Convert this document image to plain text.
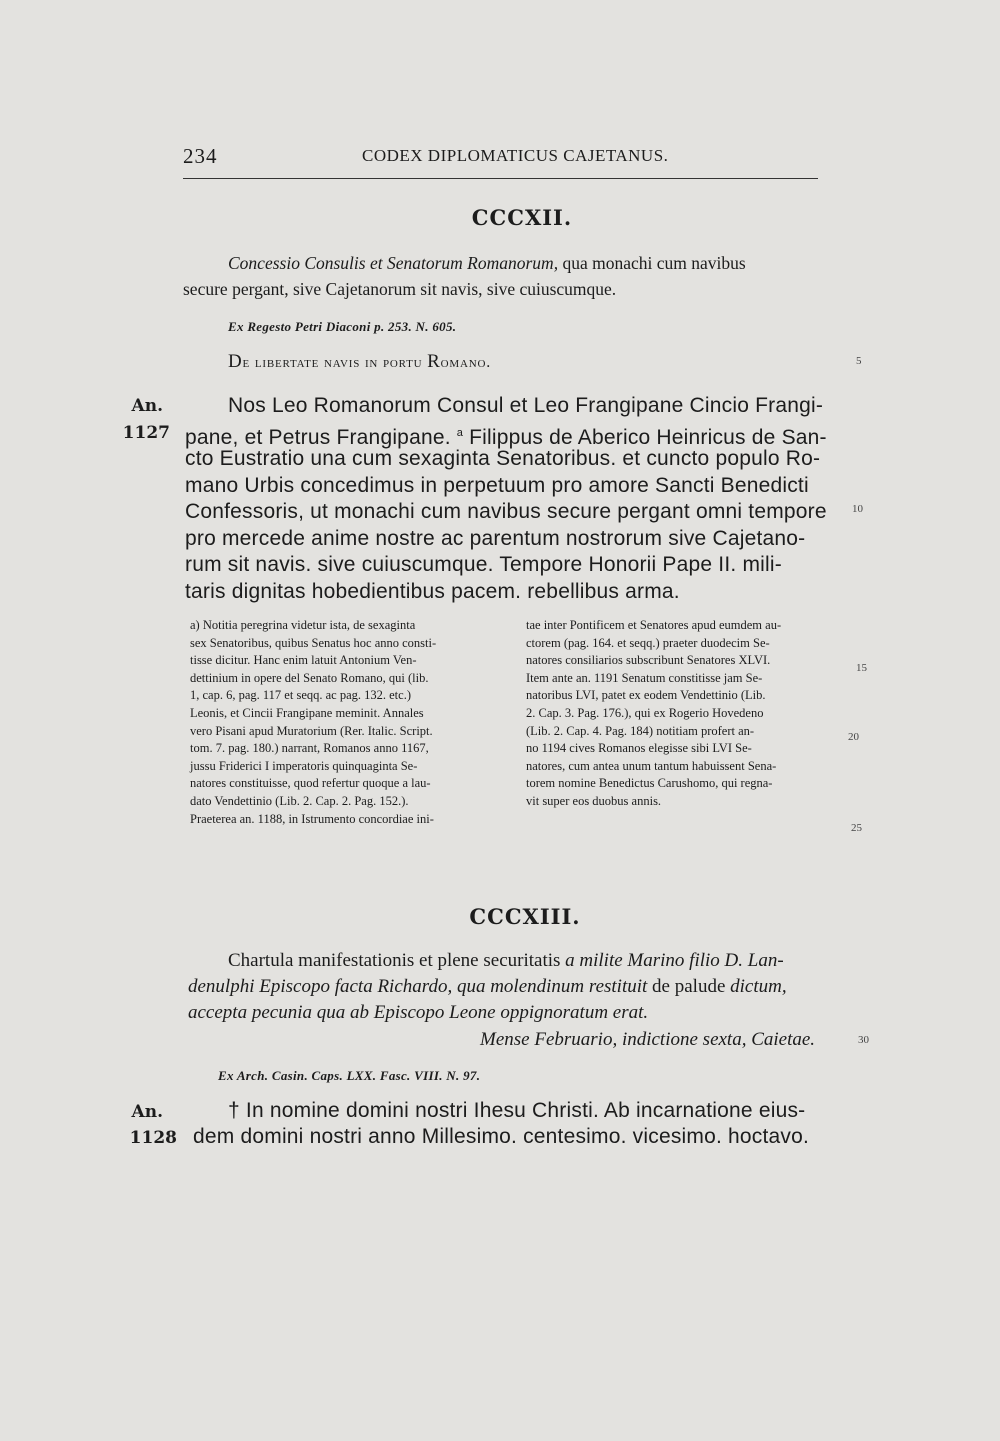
234	CODEX DIPLOMATICUS CAJETANUS.
CCCXII.
Concessio Consulis et Senatorum Romanorum, qua monachi cum navibus
secure pergant, sive Cajetanorum sit navis, sive cuiuscumque.
Ex Regesto Petri Diaconi p. 253. N. 605.
De libertate navis in portu Romano.	5
An.
1127
Nos Leo Romanorum Consul et Leo Frangipane Cincio Frangi-
pane, et Petrus Frangipane. $^a$ Filippus de Aberico Heinricus de San-
cto Eustratio una cum sexaginta Senatoribus. et cuncto populo Ro-
mano Urbis concedimus in perpetuum pro amore Sancti Benedicti
Confessoris, ut monachi cum navibus secure pergant omni tempore
pro mercede anime nostre ac parentum nostrorum sive Cajetano-
rum sit navis. sive cuiuscumque. Tempore Honorii Pape II. mili-
taris dignitas hobedientibus pacem. rebellibus arma.
10
a) Notitia peregrina videtur ista, de sexaginta
sex Senatoribus, quibus Senatus hoc anno consti-
tisse dicitur. Hanc enim latuit Antonium Ven-
dettinium in opere del Senato Romano, qui (lib.
1, cap. 6, pag. 117 et seqq. ac pag. 132. etc.)
Leonis, et Cincii Frangipane meminit. Annales
vero Pisani apud Muratorium (Rer. Italic. Script.
tom. 7. pag. 180.) narrant, Romanos anno 1167,
jussu Friderici I imperatoris quinquaginta Se-
natores constituisse, quod refertur quoque a lau-
dato Vendettinio (Lib. 2. Cap. 2. Pag. 152.).
Praeterea an. 1188, in Istrumento concordiae ini-
tae inter Pontificem et Senatores apud eumdem au-
ctorem (pag. 164. et seqq.) praeter duodecim Se-
natores consiliarios subscribunt Senatores XLVI.
Item ante an. 1191 Senatum constitisse jam Se-
natoribus LVI, patet ex eodem Vendettinio (Lib.
2. Cap. 3. Pag. 176.), qui ex Rogerio Hovedeno
(Lib. 2. Cap. 4. Pag. 184) notitiam profert an-
no 1194 cives Romanos elegisse sibi LVI Se-
natores, cum antea unum tantum habuissent Sena-
torem nomine Benedictus Carushomo, qui regna-
vit super eos duobus annis.
15
20
25
CCCXIII.
Chartula manifestationis et plene securitatis a milite Marino filio D. Lan-
denulphi Episcopo facta Richardo, qua molendinum restituit de palude dictum,
accepta pecunia qua ab Episcopo Leone oppignoratum erat.
Mense Februario, indictione sexta, Caietae.	30
Ex Arch. Casin. Caps. LXX. Fasc. VIII. N. 97.
An.
1128
† In nomine domini nostri Ihesu Christi. Ab incarnatione eius-
dem domini nostri anno Millesimo. centesimo. vicesimo. hoctavo.
